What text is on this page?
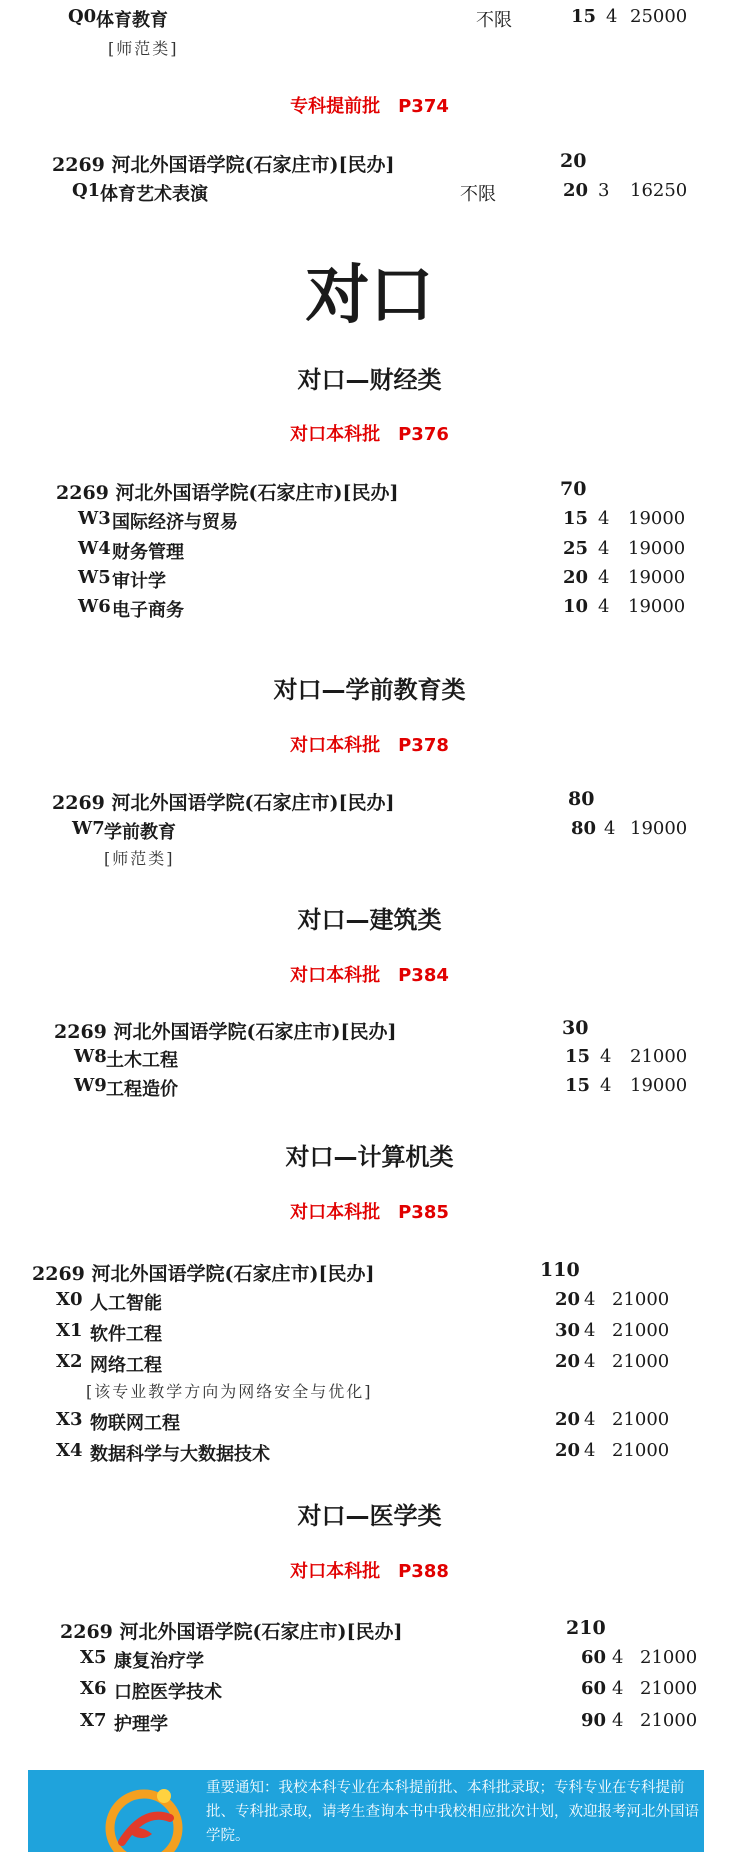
Q0 体育教育	不限	15 4 25000
[师范类]
专科提前批　P374
2269 河北外国语学院(石家庄市)[民办]	20
Q1 体育艺术表演	不限	20 3 16250
对口
对口—财经类
对口本科批　P376
2269 河北外国语学院(石家庄市)[民办]	70
W3 国际经济与贸易	15 4 19000
W4 财务管理	25 4 19000
W5 审计学	20 4 19000
W6 电子商务	10 4 19000
对口—学前教育类
对口本科批　P378
2269 河北外国语学院(石家庄市)[民办]	80
W7 学前教育	80 4 19000
[师范类]
对口—建筑类
对口本科批　P384
2269 河北外国语学院(石家庄市)[民办]	30
W8 土木工程	15 4 21000
W9 工程造价	15 4 19000
对口—计算机类
对口本科批　P385
2269 河北外国语学院(石家庄市)[民办]	110
X0 人工智能	20 4 21000
X1 软件工程	30 4 21000
X2 网络工程	20 4 21000
[该专业教学方向为网络安全与优化]
X3 物联网工程	20 4 21000
X4 数据科学与大数据技术	20 4 21000
对口—医学类
对口本科批　P388
2269 河北外国语学院(石家庄市)[民办]	210
X5 康复治疗学	60 4 21000
X6 口腔医学技术	60 4 21000
X7 护理学	90 4 21000
重要通知：我校本科专业在本科提前批、本科批录取；专科专业在专科提前批、专科批录取，请考生查询本书中我校相应批次计划，欢迎报考河北外国语学院。
